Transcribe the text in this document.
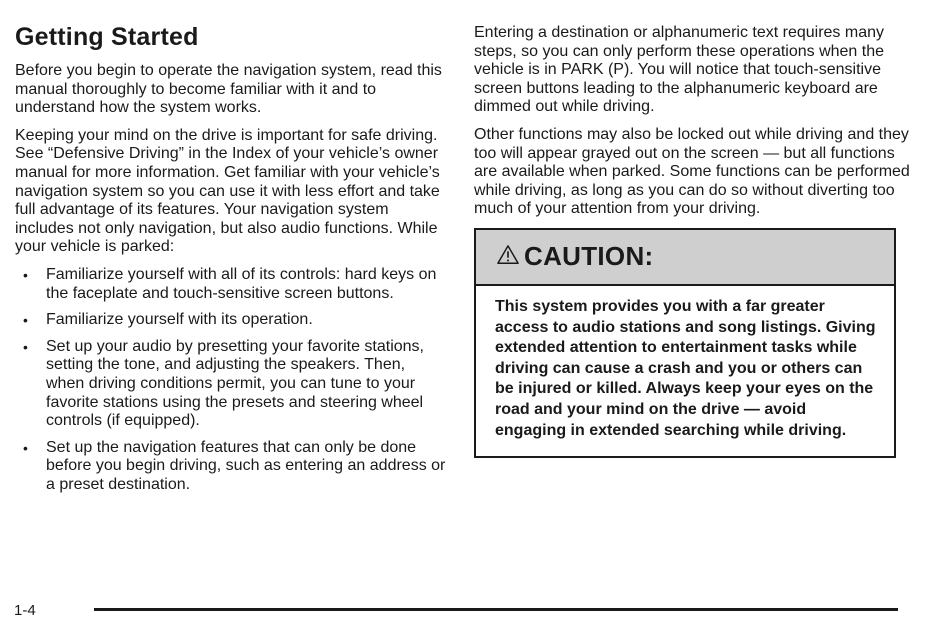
Getting Started

Before you begin to operate the navigation system, read this manual thoroughly to become familiar with it and to understand how the system works.

Keeping your mind on the drive is important for safe driving. See “Defensive Driving” in the Index of your vehicle’s owner manual for more information. Get familiar with your vehicle’s navigation system so you can use it with less effort and take full advantage of its features. Your navigation system includes not only navigation, but also audio functions. While your vehicle is parked:

• Familiarize yourself with all of its controls: hard keys on the faceplate and touch-sensitive screen buttons.
• Familiarize yourself with its operation.
• Set up your audio by presetting your favorite stations, setting the tone, and adjusting the speakers. Then, when driving conditions permit, you can tune to your favorite stations using the presets and steering wheel controls (if equipped).
• Set up the navigation features that can only be done before you begin driving, such as entering an address or a preset destination.

Entering a destination or alphanumeric text requires many steps, so you can only perform these operations when the vehicle is in PARK (P). You will notice that touch-sensitive screen buttons leading to the alphanumeric keyboard are dimmed out while driving.

Other functions may also be locked out while driving and they too will appear grayed out on the screen — but all functions are available when parked. Some functions can be performed while driving, as long as you can do so without diverting too much of your attention from your driving.

CAUTION:
This system provides you with a far greater access to audio stations and song listings. Giving extended attention to entertainment tasks while driving can cause a crash and you or others can be injured or killed. Always keep your eyes on the road and your mind on the drive — avoid engaging in extended searching while driving.
1-4
